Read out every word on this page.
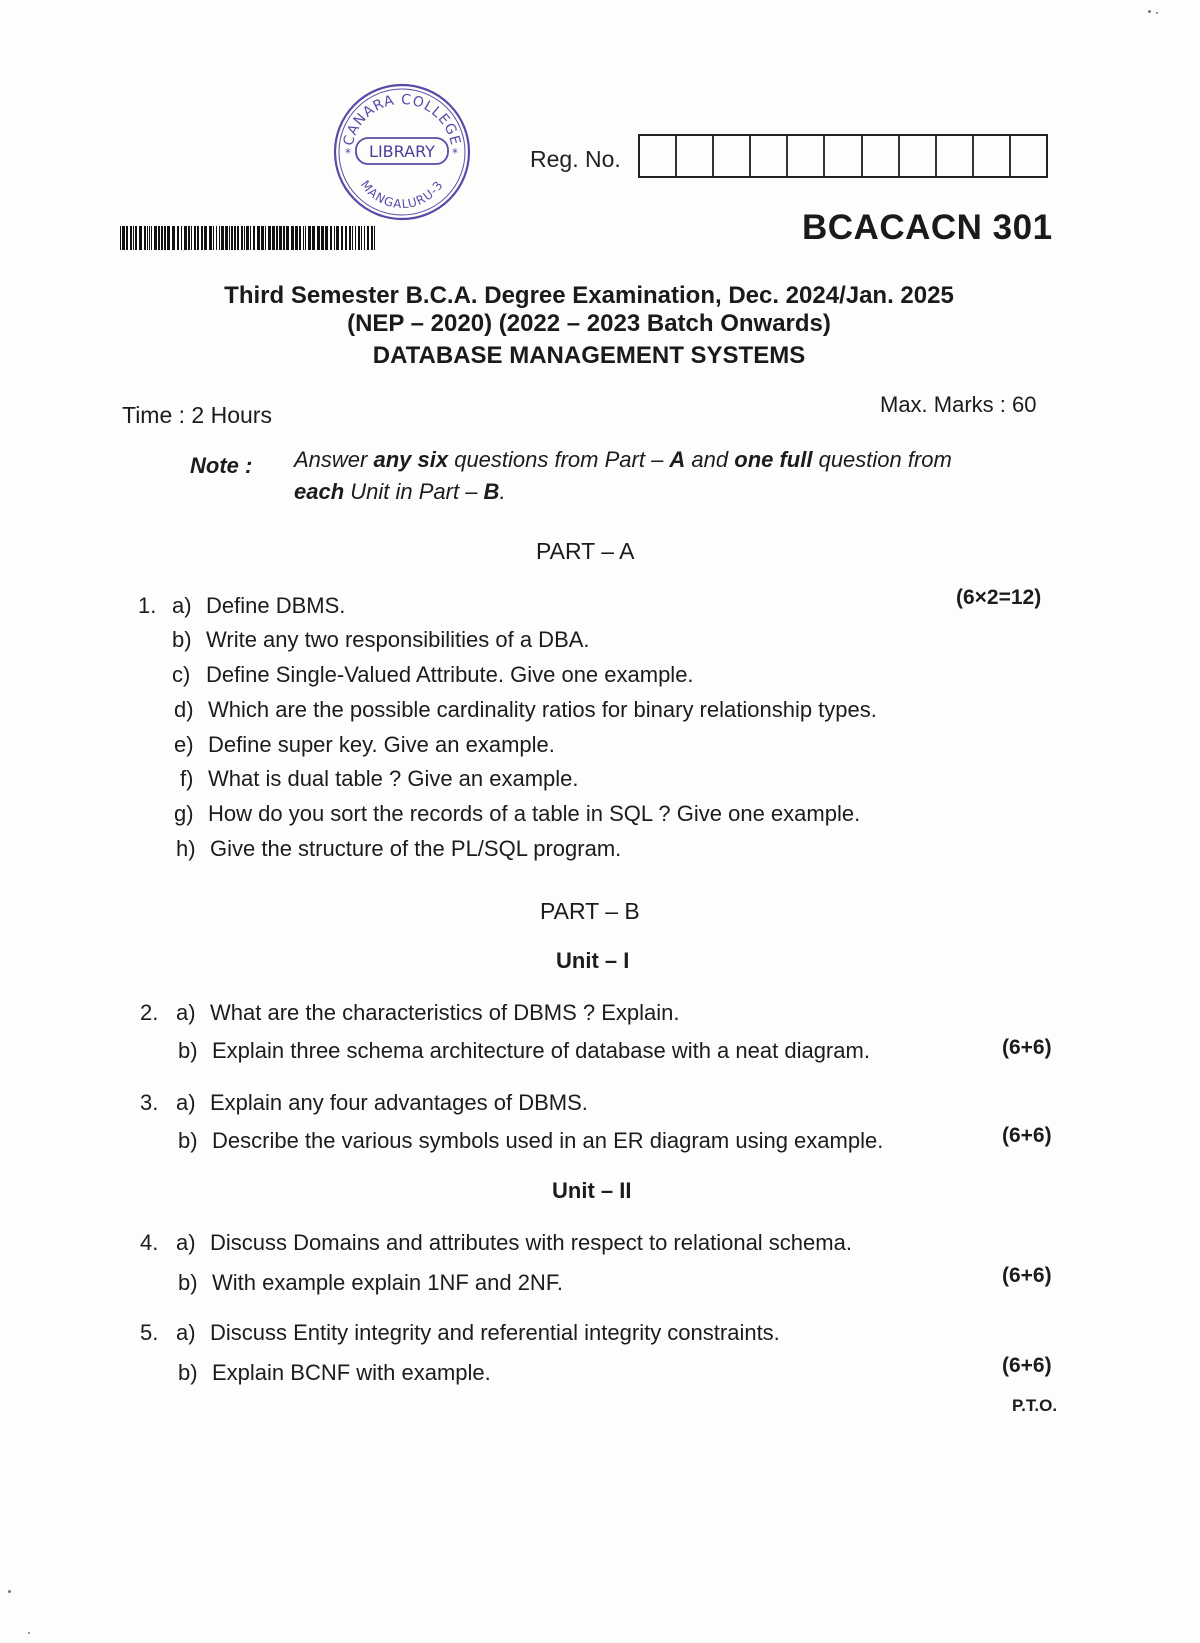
CANARA COLLEGE
MANGALURU-3
LIBRARY
*	*	Reg. No.
BCACACN 301
Third Semester B.C.A. Degree Examination, Dec. 2024/Jan. 2025
(NEP – 2020) (2022 – 2023 Batch Onwards)
DATABASE MANAGEMENT SYSTEMS
Time : 2 Hours	Max. Marks : 60
Note : Answer any six questions from Part – A and one full question from
each Unit in Part – B.
PART – A
1.	(6×2=12)
a) Define DBMS.
b) Write any two responsibilities of a DBA.
c) Define Single-Valued Attribute. Give one example.
d) Which are the possible cardinality ratios for binary relationship types.
e) Define super key. Give an example.
f) What is dual table ? Give an example.
g) How do you sort the records of a table in SQL ? Give one example.
h) Give the structure of the PL/SQL program.
PART – B
Unit – I
Unit – II
2. a) What are the characteristics of DBMS ? Explain.
b) Explain three schema architecture of database with a neat diagram.	(6+6)
3. a) Explain any four advantages of DBMS.
b) Describe the various symbols used in an ER diagram using example.	(6+6)
4. a) Discuss Domains and attributes with respect to relational schema.
b) With example explain 1NF and 2NF.	(6+6)
5. a) Discuss Entity integrity and referential integrity constraints.
b) Explain BCNF with example.	(6+6)
P.T.O.
